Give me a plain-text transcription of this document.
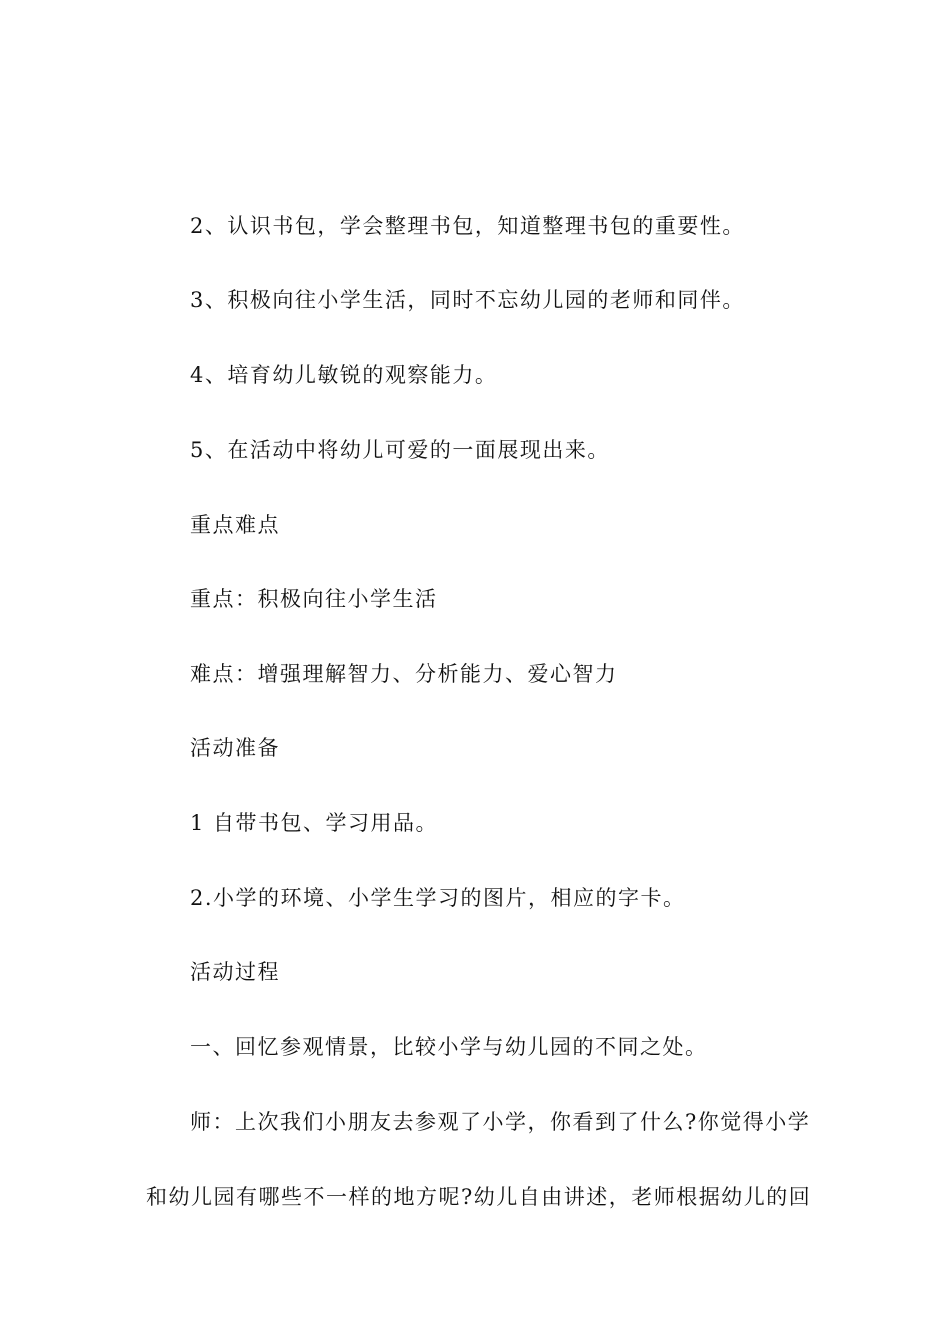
2、认识书包，学会整理书包，知道整理书包的重要性。
3、积极向往小学生活，同时不忘幼儿园的老师和同伴。
4、培育幼儿敏锐的观察能力。
5、在活动中将幼儿可爱的一面展现出来。
重点难点
重点：积极向往小学生活
难点：增强理解智力、分析能力、爱心智力
活动准备
1 自带书包、学习用品。
2.小学的环境、小学生学习的图片，相应的字卡。
活动过程
一、回忆参观情景，比较小学与幼儿园的不同之处。
师：上次我们小朋友去参观了小学，你看到了什么?你觉得小学
和幼儿园有哪些不一样的地方呢?幼儿自由讲述，老师根据幼儿的回
